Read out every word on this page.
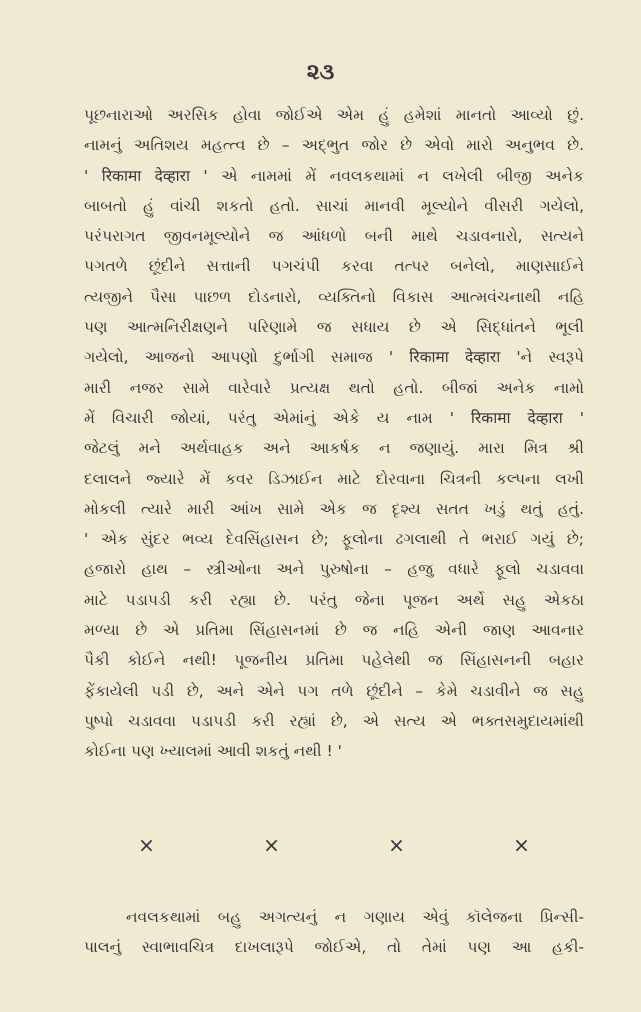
૨૩
પૂછનારાઓ અરસિક હોવા જોઈએ એમ હું હમેશાં માનતો આવ્યો છું.
નામનું અતિશય મહત્ત્વ છે – અદ્ભુત જોર છે એવો મારો અનુભવ છે.
' रिकामा देव्हारा ' એ નામમાં મેં નવલકથામાં ન લખેલી બીજી અનેક
બાબતો હું વાંચી શકતો હતો. સાચાં માનવી મૂલ્યોને વીસરી ગયેલો,
પરંપરાગત જીવનમૂલ્યોને જ આંધળો બની માથે ચડાવનારો, સત્યને
પગતળે છૂંદીને સત્તાની પગચંપી કરવા તત્પર બનેલો, માણસાઈને
ત્યજીને પૈસા પાછળ દોડનારો, વ્યક્તિનો વિકાસ આત્મવંચનાથી નહિ
પણ આત્મનિરીક્ષણને પરિણામે જ સધાય છે એ સિદ્ધાંતને ભૂલી
ગયેલો, આજનો આપણો દુર્ભાગી સમાજ ' रिकामा देव्हारा 'ને સ્વરૂપે
મારી નજર સામે વારેવારે પ્રત્યક્ષ થતો હતો. બીજાં અનેક નામો
મેં વિચારી જોયાં, પરંતુ એમાંનું એકે ય નામ ' रिकामा देव्हारा '
જેટલું મને અર્થવાહક અને આકર્ષક ન જણાયું. મારા મિત્ર શ્રી
દલાલને જ્યારે મેં કવર ડિઝાઈન માટે દોરવાના ચિત્રની કલ્પના લખી
મોકલી ત્યારે મારી આંખ સામે એક જ દૃશ્ય સતત ખડું થતું હતું.
' એક સુંદર ભવ્ય દેવસિંહાસન છે; ફૂલોના ઢગલાથી તે ભરાઈ ગયું છે;
હજારો હાથ – સ્ત્રીઓના અને પુરુષોના – હજુ વધારે ફૂલો ચડાવવા
માટે પડાપડી કરી રહ્યા છે. પરંતુ જેના પૂજન અર્થે સહુ એકઠા
મળ્યા છે એ પ્રતિમા સિંહાસનમાં છે જ નહિ એની જાણ આવનાર
પૈકી કોઈને નથી! પૂજનીય પ્રતિમા પહેલેથી જ સિંહાસનની બહાર
ફેંકાયેલી પડી છે, અને એને પગ તળે છૂંદીને – કેમે ચડાવીને જ સહુ
પુષ્પો ચડાવવા પડાપડી કરી રહ્યાં છે, એ સત્ય એ ભક્તસમુદાયમાંથી
કોઈના પણ ખ્યાલમાં આવી શકતું નથી ! '
×	×	×	×
નવલકથામાં બહુ અગત્યનું ન ગણાય એવું કૉલેજના પ્રિન્સી-
પાલનું સ્વાભાવચિત્ર દાખલારૂપે જોઈએ, તો તેમાં પણ આ હકી-
